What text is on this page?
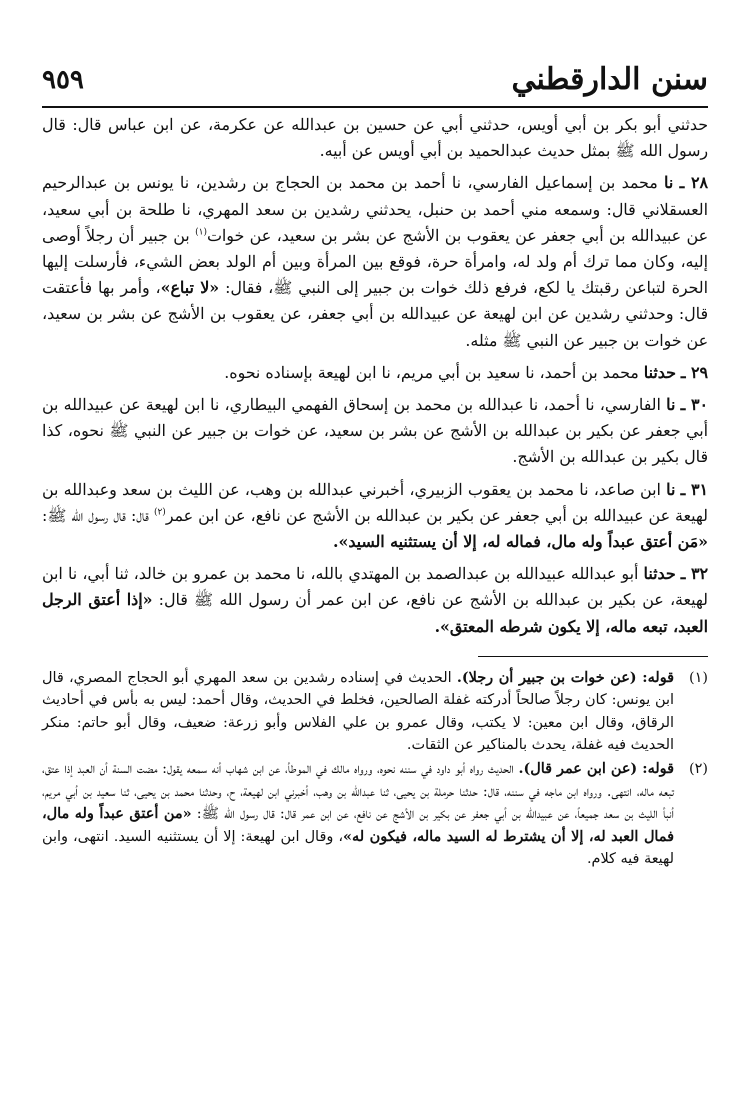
سنن الدارقطني
٩٥٩

حدثني أبو بكر بن أبي أويس، حدثني أبي عن حسين بن عبدالله عن عكرمة، عن ابن عباس قال: قال رسول الله ﷺ بمثل حديث عبدالحميد بن أبي أويس عن أبيه.

٢٨ ـ نا محمد بن إسماعيل الفارسي، نا أحمد بن محمد بن الحجاج بن رشدين، نا يونس بن عبدالرحيم العسقلاني قال: وسمعه مني أحمد بن حنبل، يحدثني رشدين بن سعد المهري، نا طلحة بن أبي سعيد، عن عبيدالله بن أبي جعفر عن يعقوب بن الأشج عن بشر بن سعيد، عن خوات$^{(١)}$ بن جبير أن رجلاً أوصى إليه، وكان مما ترك أم ولد له، وامرأة حرة، فوقع بين المرأة وبين أم الولد بعض الشيء، فأرسلت إليها الحرة لتباعن رقبتك يا لكع، فرفع ذلك خوات بن جبير إلى النبي ﷺ، فقال: «لا تباع»، وأمر بها فأعتقت قال: وحدثني رشدين عن ابن لهيعة عن عبيدالله بن أبي جعفر، عن يعقوب بن الأشج عن بشر بن سعيد، عن خوات بن جبير عن النبي ﷺ مثله.

٢٩ ـ حدثنا محمد بن أحمد، نا سعيد بن أبي مريم، نا ابن لهيعة بإسناده نحوه.

٣٠ ـ نا الفارسي، نا أحمد، نا عبدالله بن محمد بن إسحاق الفهمي البيطاري، نا ابن لهيعة عن عبيدالله بن أبي جعفر عن بكير بن عبدالله بن الأشج عن بشر بن سعيد، عن خوات بن جبير عن النبي ﷺ نحوه، كذا قال بكير بن عبدالله بن الأشج.

٣١ ـ نا ابن صاعد، نا محمد بن يعقوب الزبيري، أخبرني عبدالله بن وهب، عن الليث بن سعد وعبدالله بن لهيعة عن عبيدالله بن أبي جعفر عن بكير بن عبدالله بن الأشج عن نافع، عن ابن عمر$^{(٢)}$ قال: قال رسول الله ﷺ: «مَن أعتق عبداً وله مال، فماله له، إلا أن يستثنيه السيد».

٣٢ ـ حدثنا أبو عبدالله عبيدالله بن عبدالصمد بن المهتدي بالله، نا محمد بن عمرو بن خالد، ثنا أبي، نا ابن لهيعة، عن بكير بن عبدالله بن الأشج عن نافع، عن ابن عمر أن رسول الله ﷺ قال: «إذا أعتق الرجل العبد، تبعه ماله، إلا يكون شرطه المعتق».

(١)
قوله: (عن خوات بن جبير أن رجلا). الحديث في إسناده رشدين بن سعد المهري أبو الحجاج المصري، قال ابن يونس: كان رجلاً صالحاً أدركته غفلة الصالحين، فخلط في الحديث، وقال أحمد: ليس به بأس في أحاديث الرقاق، وقال ابن معين: لا يكتب، وقال عمرو بن علي الفلاس وأبو زرعة: ضعيف، وقال أبو حاتم: منكر الحديث فيه غفلة، يحدث بالمناكير عن الثقات.
(٢)
قوله: (عن ابن عمر قال). الحديث رواه أبو داود في سننه نحوه، ورواه مالك في الموطأ، عن ابن شهاب أنه سمعه يقول: مضت السنة أن العبد إذا عتق، تبعه ماله، انتهى. ورواه ابن ماجه في سننه، قال: حدثنا حرملة بن يحيى، ثنا عبدالله بن وهب، أخبرني ابن لهيعة، ح، وحدثنا محمد بن يحيى، ثنا سعيد بن أبي مريم، أنبأ الليث بن سعد جميعاً، عن عبيدالله بن أبي جعفر عن بكير بن الأشج عن نافع، عن ابن عمر قال: قال رسول الله ﷺ: «من أعتق عبداً وله مال، فمال العبد له، إلا أن يشترط له السيد ماله، فيكون له»، وقال ابن لهيعة: إلا أن يستثنيه السيد. انتهى، وابن لهيعة فيه كلام.
